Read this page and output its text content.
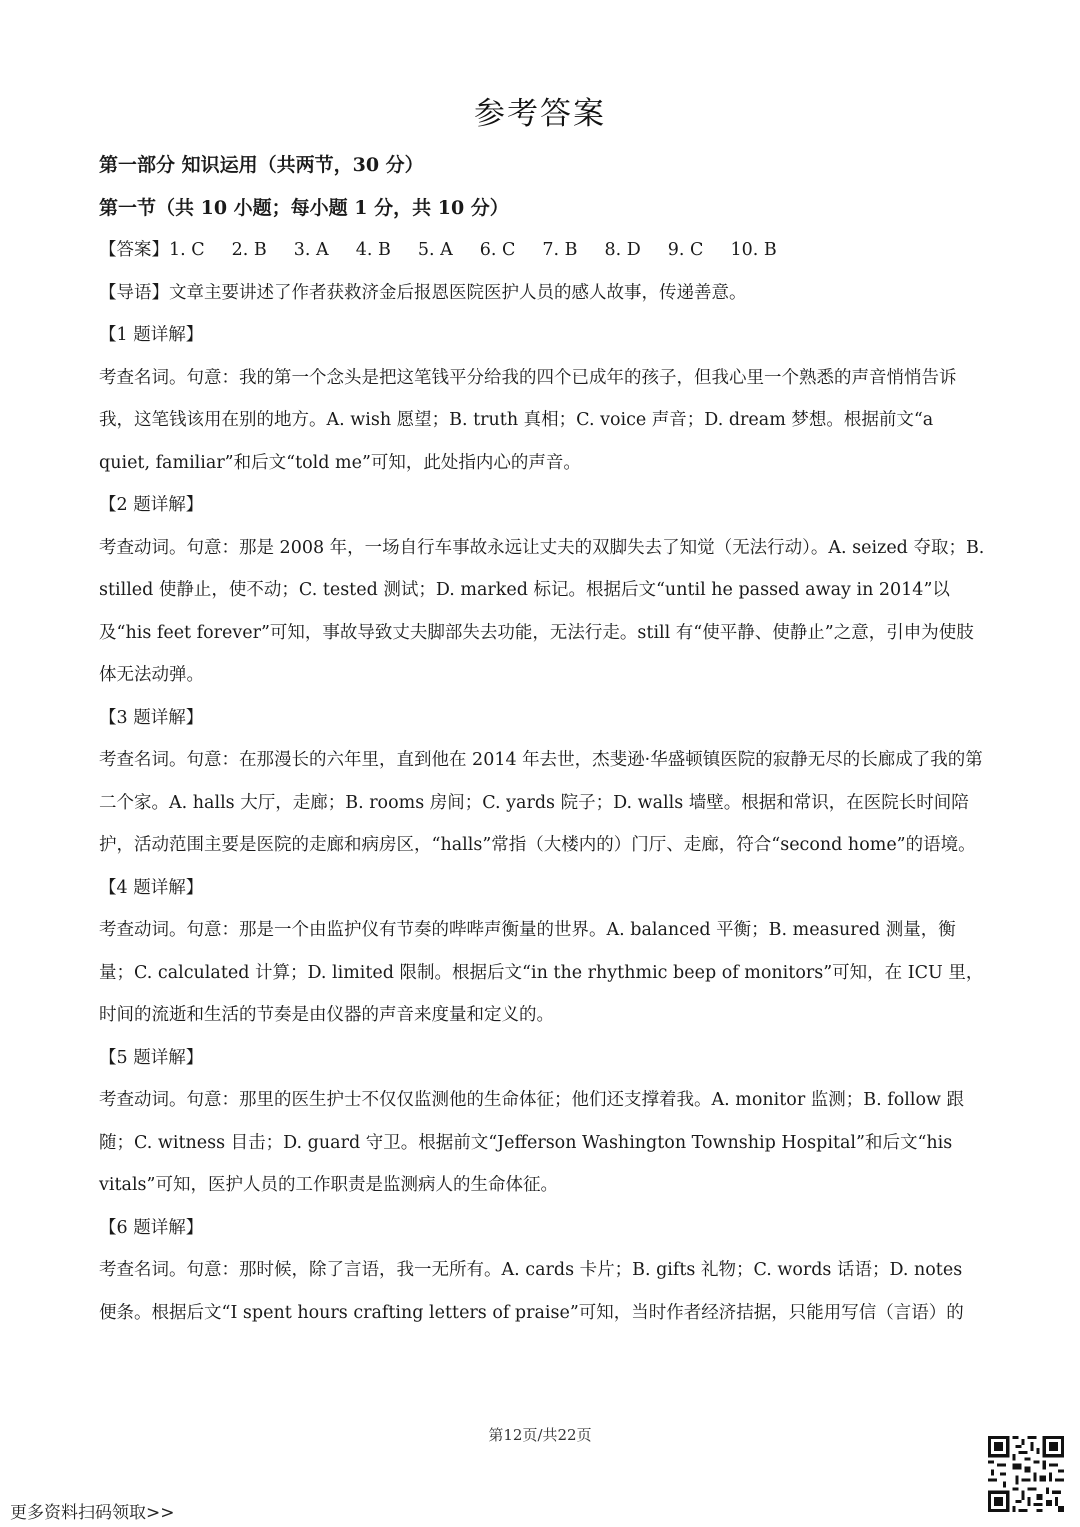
参考答案

第一部分 知识运用（共两节，30 分）

第一节（共 10 小题；每小题 1 分，共 10 分）

【答案】1. C 2. B 3. A 4. B 5. A 6. C 7. B 8. D 9. C 10. B

【导语】文章主要讲述了作者获救济金后报恩医院医护人员的感人故事，传递善意。

【1 题详解】

考查名词。句意：我的第一个念头是把这笔钱平分给我的四个已成年的孩子，但我心里一个熟悉的声音悄悄告诉我，这笔钱该用在别的地方。A. wish 愿望；B. truth 真相；C. voice 声音；D. dream 梦想。根据前文“a quiet, familiar”和后文“told me”可知，此处指内心的声音。

【2 题详解】

考查动词。句意：那是 2008 年，一场自行车事故永远让丈夫的双脚失去了知觉（无法行动）。A. seized 夺取；B. stilled 使静止，使不动；C. tested 测试；D. marked 标记。根据后文“until he passed away in 2014”以及“his feet forever”可知，事故导致丈夫脚部失去功能，无法行走。still 有“使平静、使静止”之意，引申为使肢体无法动弹。

【3 题详解】

考查名词。句意：在那漫长的六年里，直到他在 2014 年去世，杰斐逊·华盛顿镇医院的寂静无尽的长廊成了我的第二个家。A. halls 大厅，走廊；B. rooms 房间；C. yards 院子；D. walls 墙壁。根据和常识，在医院长时间陪护，活动范围主要是医院的走廊和病房区，“halls”常指（大楼内的）门厅、走廊，符合“second home”的语境。

【4 题详解】

考查动词。句意：那是一个由监护仪有节奏的哔哔声衡量的世界。A. balanced 平衡；B. measured 测量，衡量；C. calculated 计算；D. limited 限制。根据后文“in the rhythmic beep of monitors”可知，在 ICU 里，时间的流逝和生活的节奏是由仪器的声音来度量和定义的。

【5 题详解】

考查动词。句意：那里的医生护士不仅仅监测他的生命体征；他们还支撑着我。A. monitor 监测；B. follow 跟随；C. witness 目击；D. guard 守卫。根据前文“Jefferson Washington Township Hospital”和后文“his vitals”可知，医护人员的工作职责是监测病人的生命体征。

【6 题详解】

考查名词。句意：那时候，除了言语，我一无所有。A. cards 卡片；B. gifts 礼物；C. words 话语；D. notes 便条。根据后文“I spent hours crafting letters of praise”可知，当时作者经济拮据，只能用写信（言语）的

第12页/共22页
更多资料扫码领取>>
